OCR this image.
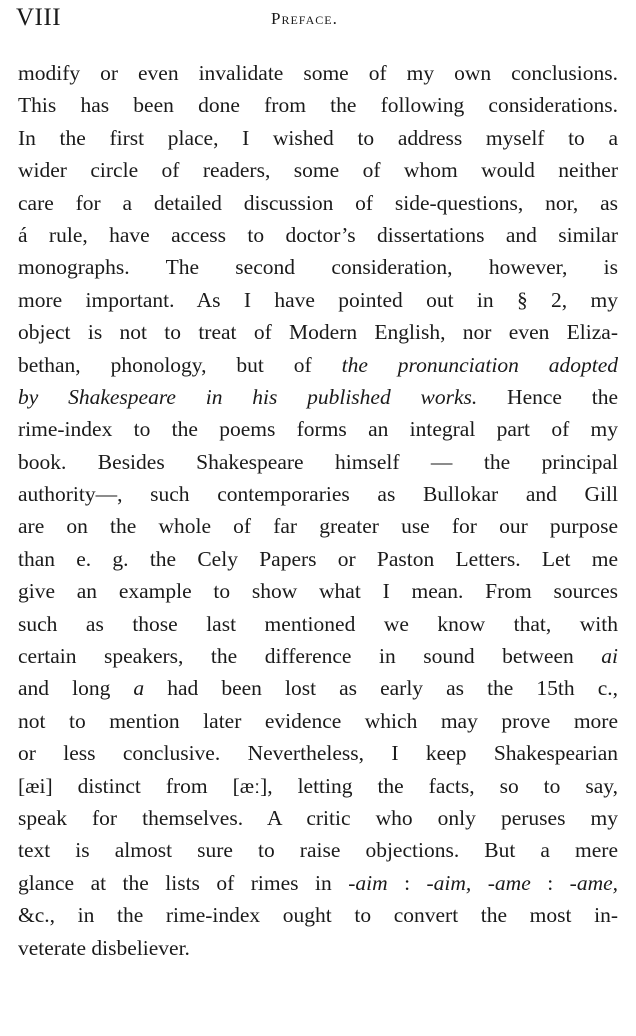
VIII	Preface.
modify or even invalidate some of my own conclusions.
This has been done from the following considerations.
In the first place, I wished to address myself to a
wider circle of readers, some of whom would neither
care for a detailed discussion of side-questions, nor, as
á rule, have access to doctor’s dissertations and similar
monographs. The second consideration, however, is
more important. As I have pointed out in § 2, my
object is not to treat of Modern English, nor even Eliza-
bethan, phonology, but of the pronunciation adopted
by Shakespeare in his published works. Hence the
rime-index to the poems forms an integral part of my
book. Besides Shakespeare himself — the principal
authority—, such contemporaries as Bullokar and Gill
are on the whole of far greater use for our purpose
than e. g. the Cely Papers or Paston Letters. Let me
give an example to show what I mean. From sources
such as those last mentioned we know that, with
certain speakers, the difference in sound between ai
and long a had been lost as early as the 15th c.,
not to mention later evidence which may prove more
or less conclusive. Nevertheless, I keep Shakespearian
[æi] distinct from [æː], letting the facts, so to say,
speak for themselves. A critic who only peruses my
text is almost sure to raise objections. But a mere
glance at the lists of rimes in -aim : -aim, -ame : -ame,
&c., in the rime-index ought to convert the most in-
veterate disbeliever.
